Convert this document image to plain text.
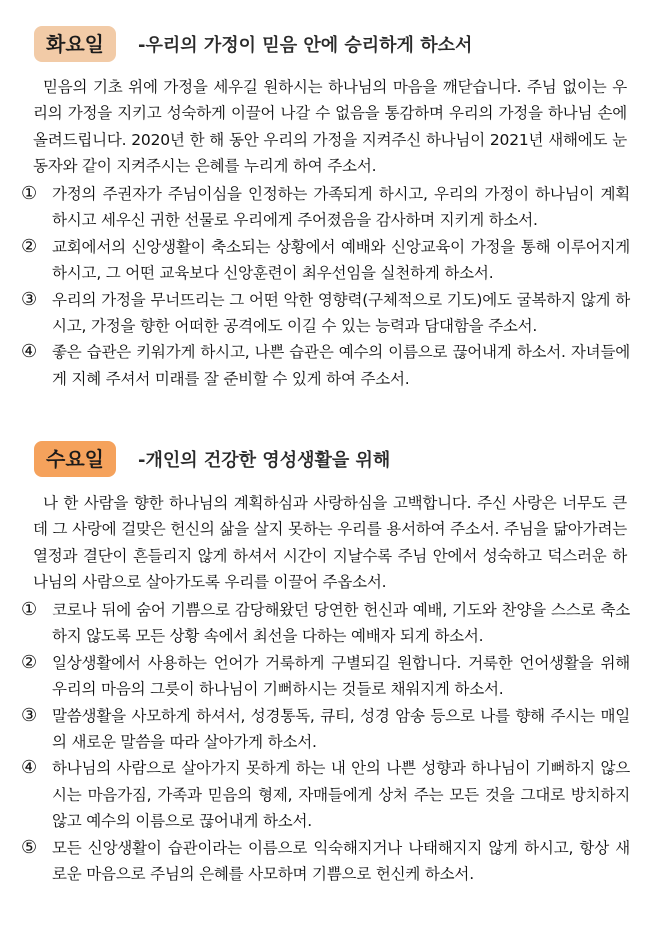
화요일	-우리의 가정이 믿음 안에 승리하게 하소서

믿음의 기초 위에 가정을 세우길 원하시는 하나님의 마음을 깨닫습니다. 주님 없이는 우리의 가정을 지키고 성숙하게 이끌어 나갈 수 없음을 통감하며 우리의 가정을 하나님 손에 올려드립니다. 2020년 한 해 동안 우리의 가정을 지켜주신 하나님이 2021년 새해에도 눈동자와 같이 지켜주시는 은혜를 누리게 하여 주소서.

① 가정의 주권자가 주님이심을 인정하는 가족되게 하시고, 우리의 가정이 하나님이 계획하시고 세우신 귀한 선물로 우리에게 주어졌음을 감사하며 지키게 하소서.
② 교회에서의 신앙생활이 축소되는 상황에서 예배와 신앙교육이 가정을 통해 이루어지게 하시고, 그 어떤 교육보다 신앙훈련이 최우선임을 실천하게 하소서.
③ 우리의 가정을 무너뜨리는 그 어떤 악한 영향력(구체적으로 기도)에도 굴복하지 않게 하시고, 가정을 향한 어떠한 공격에도 이길 수 있는 능력과 담대함을 주소서.
④ 좋은 습관은 키워가게 하시고, 나쁜 습관은 예수의 이름으로 끊어내게 하소서. 자녀들에게 지혜 주셔서 미래를 잘 준비할 수 있게 하여 주소서.
수요일	-개인의 건강한 영성생활을 위해

나 한 사람을 향한 하나님의 계획하심과 사랑하심을 고백합니다. 주신 사랑은 너무도 큰데 그 사랑에 걸맞은 헌신의 삶을 살지 못하는 우리를 용서하여 주소서. 주님을 닮아가려는 열정과 결단이 흔들리지 않게 하셔서 시간이 지날수록 주님 안에서 성숙하고 덕스러운 하나님의 사람으로 살아가도록 우리를 이끌어 주옵소서.

① 코로나 뒤에 숨어 기쁨으로 감당해왔던 당연한 헌신과 예배, 기도와 찬양을 스스로 축소하지 않도록 모든 상황 속에서 최선을 다하는 예배자 되게 하소서.
② 일상생활에서 사용하는 언어가 거룩하게 구별되길 원합니다. 거룩한 언어생활을 위해 우리의 마음의 그릇이 하나님이 기뻐하시는 것들로 채워지게 하소서.
③ 말씀생활을 사모하게 하셔서, 성경통독, 큐티, 성경 암송 등으로 나를 향해 주시는 매일의 새로운 말씀을 따라 살아가게 하소서.
④ 하나님의 사람으로 살아가지 못하게 하는 내 안의 나쁜 성향과 하나님이 기뻐하지 않으시는 마음가짐, 가족과 믿음의 형제, 자매들에게 상처 주는 모든 것을 그대로 방치하지 않고 예수의 이름으로 끊어내게 하소서.
⑤ 모든 신앙생활이 습관이라는 이름으로 익숙해지거나 나태해지지 않게 하시고, 항상 새로운 마음으로 주님의 은혜를 사모하며 기쁨으로 헌신케 하소서.
